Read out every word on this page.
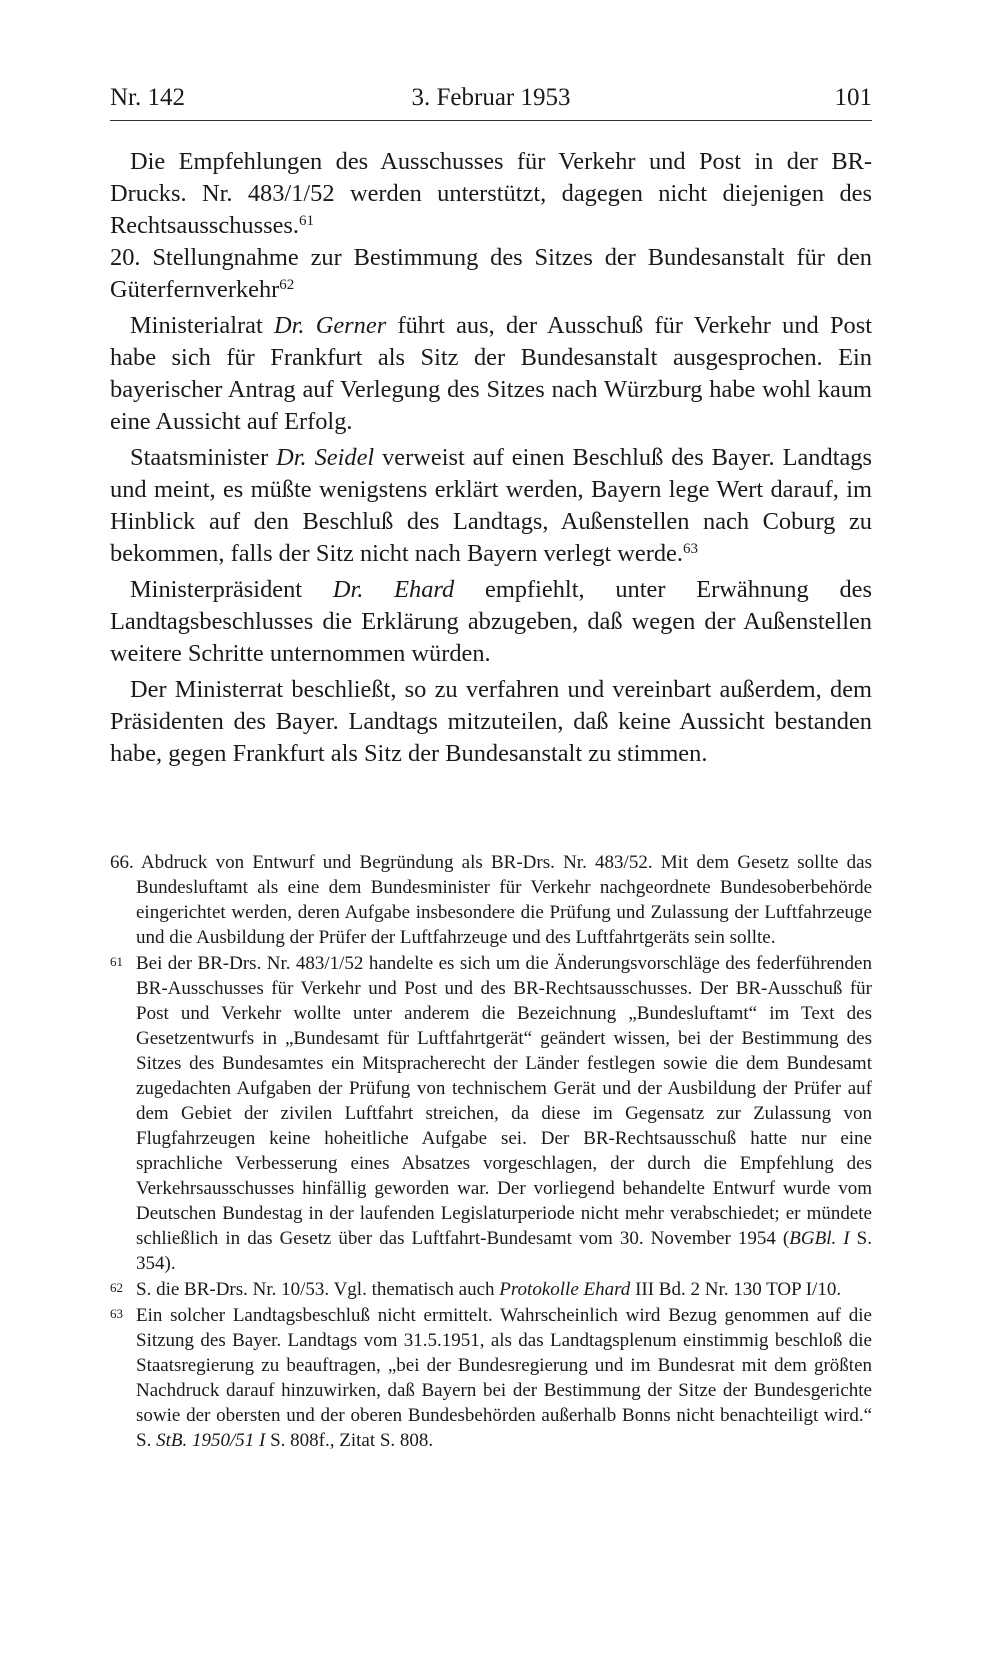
Nr. 142	3. Februar 1953	101

Die Empfehlungen des Ausschusses für Verkehr und Post in der BR-Drucks. Nr. 483/1/52 werden unterstützt, dagegen nicht diejenigen des Rechtsausschusses.$^{61}$

20. Stellungnahme zur Bestimmung des Sitzes der Bundesanstalt für den Güterfernverkehr$^{62}$

Ministerialrat Dr. Gerner führt aus, der Ausschuß für Verkehr und Post habe sich für Frankfurt als Sitz der Bundesanstalt ausgesprochen. Ein bayerischer Antrag auf Verlegung des Sitzes nach Würzburg habe wohl kaum eine Aussicht auf Erfolg.

Staatsminister Dr. Seidel verweist auf einen Beschluß des Bayer. Landtags und meint, es müßte wenigstens erklärt werden, Bayern lege Wert darauf, im Hinblick auf den Beschluß des Landtags, Außenstellen nach Coburg zu bekommen, falls der Sitz nicht nach Bayern verlegt werde.$^{63}$

Ministerpräsident Dr. Ehard empfiehlt, unter Erwähnung des Landtagsbeschlusses die Erklärung abzugeben, daß wegen der Außenstellen weitere Schritte unternommen würden.

Der Ministerrat beschließt, so zu verfahren und vereinbart außerdem, dem Präsidenten des Bayer. Landtags mitzuteilen, daß keine Aussicht bestanden habe, gegen Frankfurt als Sitz der Bundesanstalt zu stimmen.

66. Abdruck von Entwurf und Begründung als BR-Drs. Nr. 483/52. Mit dem Gesetz sollte das Bundesluftamt als eine dem Bundesminister für Verkehr nachgeordnete Bundesoberbehörde eingerichtet werden, deren Aufgabe insbesondere die Prüfung und Zulassung der Luftfahrzeuge und die Ausbildung der Prüfer der Luftfahrzeuge und des Luftfahrtgeräts sein sollte.

61 Bei der BR-Drs. Nr. 483/1/52 handelte es sich um die Änderungsvorschläge des federführenden BR-Ausschusses für Verkehr und Post und des BR-Rechtsausschusses. Der BR-Ausschuß für Post und Verkehr wollte unter anderem die Bezeichnung „Bundesluftamt“ im Text des Gesetzentwurfs in „Bundesamt für Luftfahrtgerät“ geändert wissen, bei der Bestimmung des Sitzes des Bundesamtes ein Mitspracherecht der Länder festlegen sowie die dem Bundesamt zugedachten Aufgaben der Prüfung von technischem Gerät und der Ausbildung der Prüfer auf dem Gebiet der zivilen Luftfahrt streichen, da diese im Gegensatz zur Zulassung von Flugfahrzeugen keine hoheitliche Aufgabe sei. Der BR-Rechtsausschuß hatte nur eine sprachliche Verbesserung eines Absatzes vorgeschlagen, der durch die Empfehlung des Verkehrsausschusses hinfällig geworden war. Der vorliegend behandelte Entwurf wurde vom Deutschen Bundestag in der laufenden Legislaturperiode nicht mehr verabschiedet; er mündete schließlich in das Gesetz über das Luftfahrt-Bundesamt vom 30. November 1954 (BGBl. I S. 354).

62 S. die BR-Drs. Nr. 10/53. Vgl. thematisch auch Protokolle Ehard III Bd. 2 Nr. 130 TOP I/10.

63 Ein solcher Landtagsbeschluß nicht ermittelt. Wahrscheinlich wird Bezug genommen auf die Sitzung des Bayer. Landtags vom 31.5.1951, als das Landtagsplenum einstimmig beschloß die Staatsregierung zu beauftragen, „bei der Bundesregierung und im Bundesrat mit dem größten Nachdruck darauf hinzuwirken, daß Bayern bei der Bestimmung der Sitze der Bundesgerichte sowie der obersten und der oberen Bundesbehörden außerhalb Bonns nicht benachteiligt wird.“ S. StB. 1950/51 I S. 808f., Zitat S. 808.
